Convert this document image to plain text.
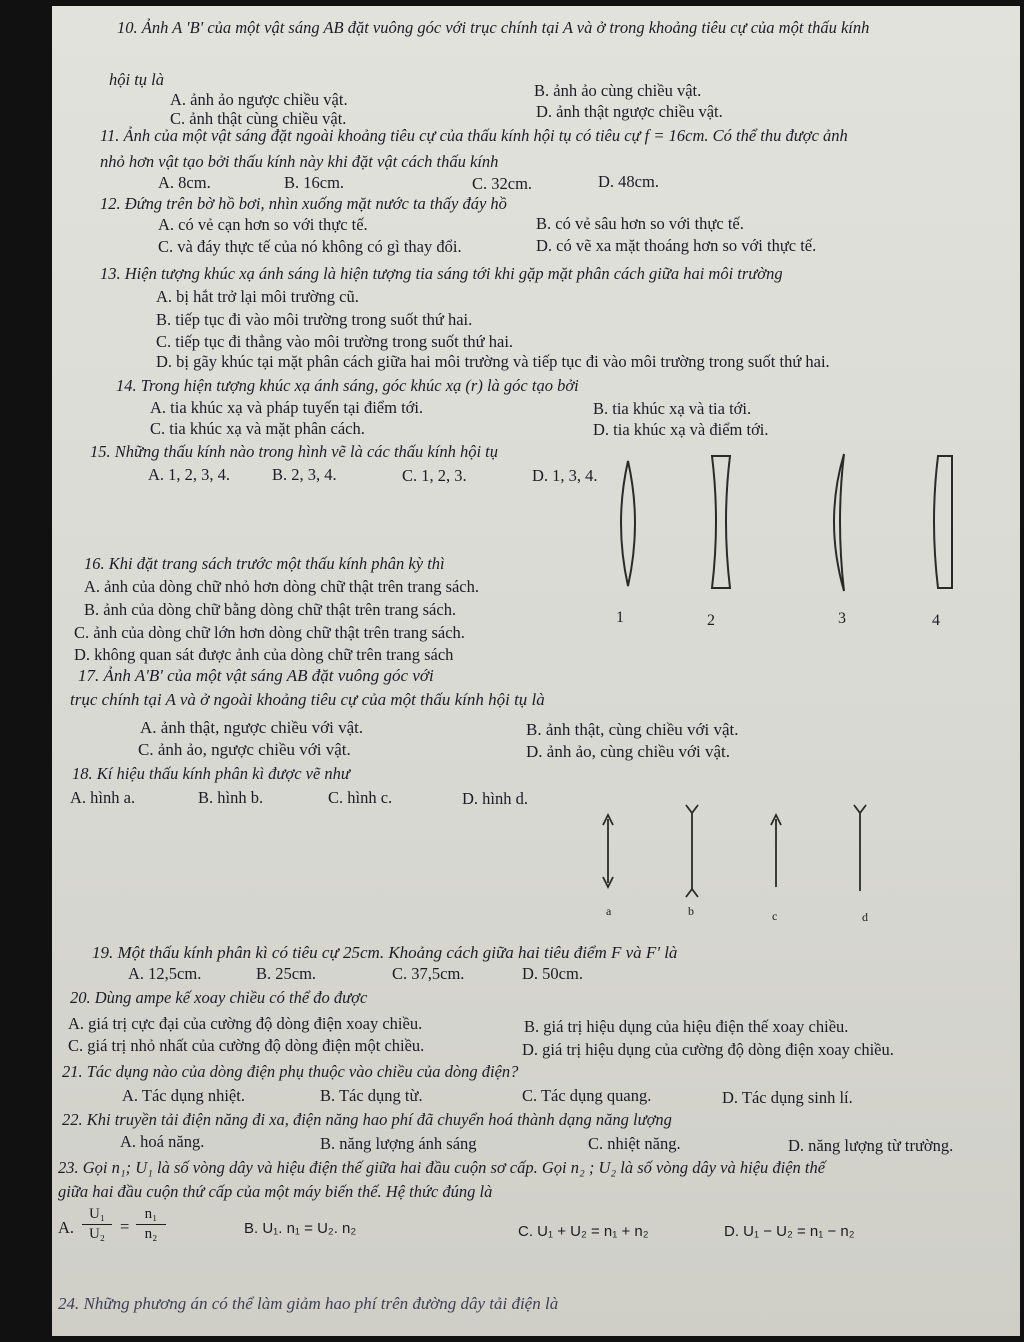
10. Ảnh A 'B' của một vật sáng AB đặt vuông góc với trục chính tại A và ở trong khoảng tiêu cự của một thấu kính
hội tụ là
A. ảnh ảo ngược chiều vật.	B. ảnh ảo cùng chiều vật.
C. ảnh thật cùng chiều vật.	D. ảnh thật ngược chiều vật.
11. Ảnh của một vật sáng đặt ngoài khoảng tiêu cự của thấu kính hội tụ có tiêu cự f = 16cm. Có thể thu được ảnh
nhỏ hơn vật tạo bởi thấu kính này khi đặt vật cách thấu kính
A. 8cm.	B. 16cm.	C. 32cm.	D. 48cm.
12. Đứng trên bờ hồ bơi, nhìn xuống mặt nước ta thấy đáy hồ
A. có vẻ cạn hơn so với thực tế.	B. có vẻ sâu hơn so với thực tế.
C. và đáy thực tế của nó không có gì thay đổi.	D. có vẽ xa mặt thoáng hơn so với thực tế.
13. Hiện tượng khúc xạ ánh sáng là hiện tượng tia sáng tới khi gặp mặt phân cách giữa hai môi trường
A. bị hắt trở lại môi trường cũ.
B. tiếp tục đi vào môi trường trong suốt thứ hai.
C. tiếp tục đi thẳng vào môi trường trong suốt thứ hai.
D. bị gãy khúc tại mặt phân cách giữa hai môi trường và tiếp tục đi vào môi trường trong suốt thứ hai.
14. Trong hiện tượng khúc xạ ánh sáng, góc khúc xạ (r) là góc tạo bởi
A. tia khúc xạ và pháp tuyến tại điểm tới.	B. tia khúc xạ và tia tới.
C. tia khúc xạ và mặt phân cách.	D. tia khúc xạ và điểm tới.
15. Những thấu kính nào trong hình vẽ là các thấu kính hội tụ
A. 1, 2, 3, 4.	B. 2, 3, 4.	C. 1, 2, 3.	D. 1, 3, 4.
1	2	3	4
16. Khi đặt trang sách trước một thấu kính phân kỳ thì
A. ảnh của dòng chữ nhỏ hơn dòng chữ thật trên trang sách.
B. ảnh của dòng chữ bằng dòng chữ thật trên trang sách.
C. ảnh của dòng chữ lớn hơn dòng chữ thật trên trang sách.
D. không quan sát được ảnh của dòng chữ trên trang sách
17. Ảnh A'B' của một vật sáng AB đặt vuông góc với
trục chính tại A và ở ngoài khoảng tiêu cự của một thấu kính hội tụ là
A. ảnh thật, ngược chiều với vật.	B. ảnh thật, cùng chiều với vật.
C. ảnh ảo, ngược chiều với vật.	D. ảnh ảo, cùng chiều với vật.
18. Kí hiệu thấu kính phân kì được vẽ như
A. hình a.	B. hình b.	C. hình c.	D. hình d.
a	b	c	d
19. Một thấu kính phân kì có tiêu cự 25cm. Khoảng cách giữa hai tiêu điểm F và F' là
A. 12,5cm.	B. 25cm.	C. 37,5cm.	D. 50cm.
20. Dùng ampe kế xoay chiều có thể đo được
A. giá trị cực đại của cường độ dòng điện xoay chiều.	B. giá trị hiệu dụng của hiệu điện thế xoay chiều.
C. giá trị nhỏ nhất của cường độ dòng điện một chiều.	D. giá trị hiệu dụng của cường độ dòng điện xoay chiều.
21. Tác dụng nào của dòng điện phụ thuộc vào chiều của dòng điện?
A. Tác dụng nhiệt.	B. Tác dụng từ.	C. Tác dụng quang.	D. Tác dụng sinh lí.
22. Khi truyền tải điện năng đi xa, điện năng hao phí đã chuyển hoá thành dạng năng lượng
A. hoá năng.	B. năng lượng ánh sáng	C. nhiệt năng.	D. năng lượng từ trường.
23. Gọi n₁; U₁ là số vòng dây và hiệu điện thế giữa hai đầu cuộn sơ cấp. Gọi n₂ ; U₂ là số vòng dây và hiệu điện thế
giữa hai đầu cuộn thứ cấp của một máy biến thế. Hệ thức đúng là
A. $\frac{\text{U₁}}{\text{U₂}} = \frac{\text{n₁}}{\text{n₂}}$	B. U₁. n₁ = U₂. n₂	C. U₁ + U₂ = n₁ + n₂	D. U₁ − U₂ = n₁ − n₂
24. Những phương án có thể làm giảm hao phí trên đường dây tải điện là
